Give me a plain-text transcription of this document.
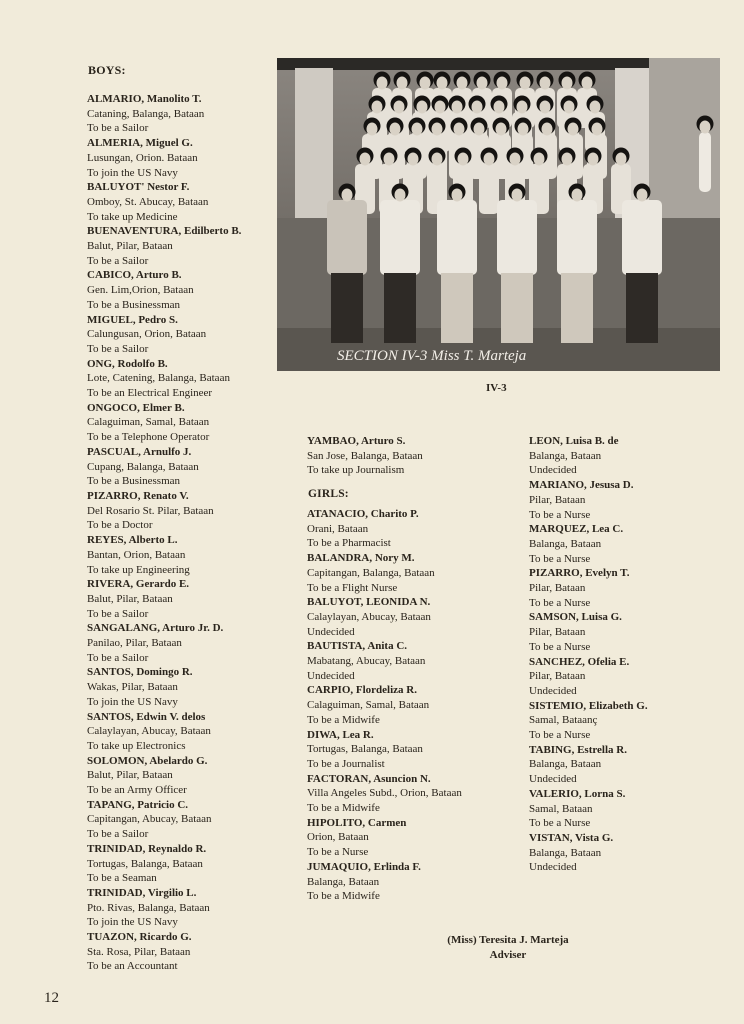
BOYS:
ALMARIO, Manolito T.
Cataning, Balanga, Bataan
To be a Sailor
ALMERIA, Miguel G.
Lusungan, Orion. Bataan
To join the US Navy
BALUYOT' Nestor F.
Omboy, St. Abucay, Bataan
To take up Medicine
BUENAVENTURA, Edilberto B.
Balut, Pilar, Bataan
To be a Sailor
CABICO, Arturo B.
Gen. Lim,Orion, Bataan
To be a Businessman
MIGUEL, Pedro S.
Calungusan, Orion, Bataan
To be a Sailor
ONG, Rodolfo B.
Lote, Catening, Balanga, Bataan
To be an Electrical Engineer
ONGOCO, Elmer B.
Calaguiman, Samal, Bataan
To be a Telephone Operator
PASCUAL, Arnulfo J.
Cupang, Balanga, Bataan
To be a Businessman
PIZARRO, Renato V.
Del Rosario St. Pilar, Bataan
To be a Doctor
REYES, Alberto L.
Bantan, Orion, Bataan
To take up Engineering
RIVERA, Gerardo E.
Balut, Pilar, Bataan
To be a Sailor
SANGALANG, Arturo Jr. D.
Panilao, Pilar, Bataan
To be a Sailor
SANTOS, Domingo R.
Wakas, Pilar, Bataan
To join the US Navy
SANTOS, Edwin V. delos
Calaylayan, Abucay, Bataan
To take up Electronics
SOLOMON, Abelardo G.
Balut, Pilar, Bataan
To be an Army Officer
TAPANG, Patricio C.
Capitangan, Abucay, Bataan
To be a Sailor
TRINIDAD, Reynaldo R.
Tortugas, Balanga, Bataan
To be a Seaman
TRINIDAD, Virgilio L.
Pto. Rivas, Balanga, Bataan
To join the US Navy
TUAZON, Ricardo G.
Sta. Rosa, Pilar, Bataan
To be an Accountant
SECTION IV-3 Miss T. Marteja
IV-3
YAMBAO, Arturo S.
San Jose, Balanga, Bataan
To take up Journalism
GIRLS:
ATANACIO, Charito P.
Orani, Bataan
To be a Pharmacist
BALANDRA, Nory M.
Capitangan, Balanga, Bataan
To be a Flight Nurse
BALUYOT, LEONIDA N.
Calaylayan, Abucay, Bataan
Undecided
BAUTISTA, Anita C.
Mabatang, Abucay, Bataan
Undecided
CARPIO, Flordeliza R.
Calaguiman, Samal, Bataan
To be a Midwife
DIWA, Lea R.
Tortugas, Balanga, Bataan
To be a Journalist
FACTORAN, Asuncion N.
Villa Angeles Subd., Orion, Bataan
To be a Midwife
HIPOLITO, Carmen
Orion, Bataan
To be a Nurse
JUMAQUIO, Erlinda F.
Balanga, Bataan
To be a Midwife
LEON, Luisa B. de
Balanga, Bataan
Undecided
MARIANO, Jesusa D.
Pilar, Bataan
To be a Nurse
MARQUEZ, Lea C.
Balanga, Bataan
To be a Nurse
PIZARRO, Evelyn T.
Pilar, Bataan
To be a Nurse
SAMSON, Luisa G.
Pilar, Bataan
To be a Nurse
SANCHEZ, Ofelia E.
Pilar, Bataan
Undecided
SISTEMIO, Elizabeth G.
Samal, Bataanç
To be a Nurse
TABING, Estrella R.
Balanga, Bataan
Undecided
VALERIO, Lorna S.
Samal, Bataan
To be a Nurse
VISTAN, Vista G.
Balanga, Bataan
Undecided
(Miss) Teresita J. Marteja
Adviser
12
